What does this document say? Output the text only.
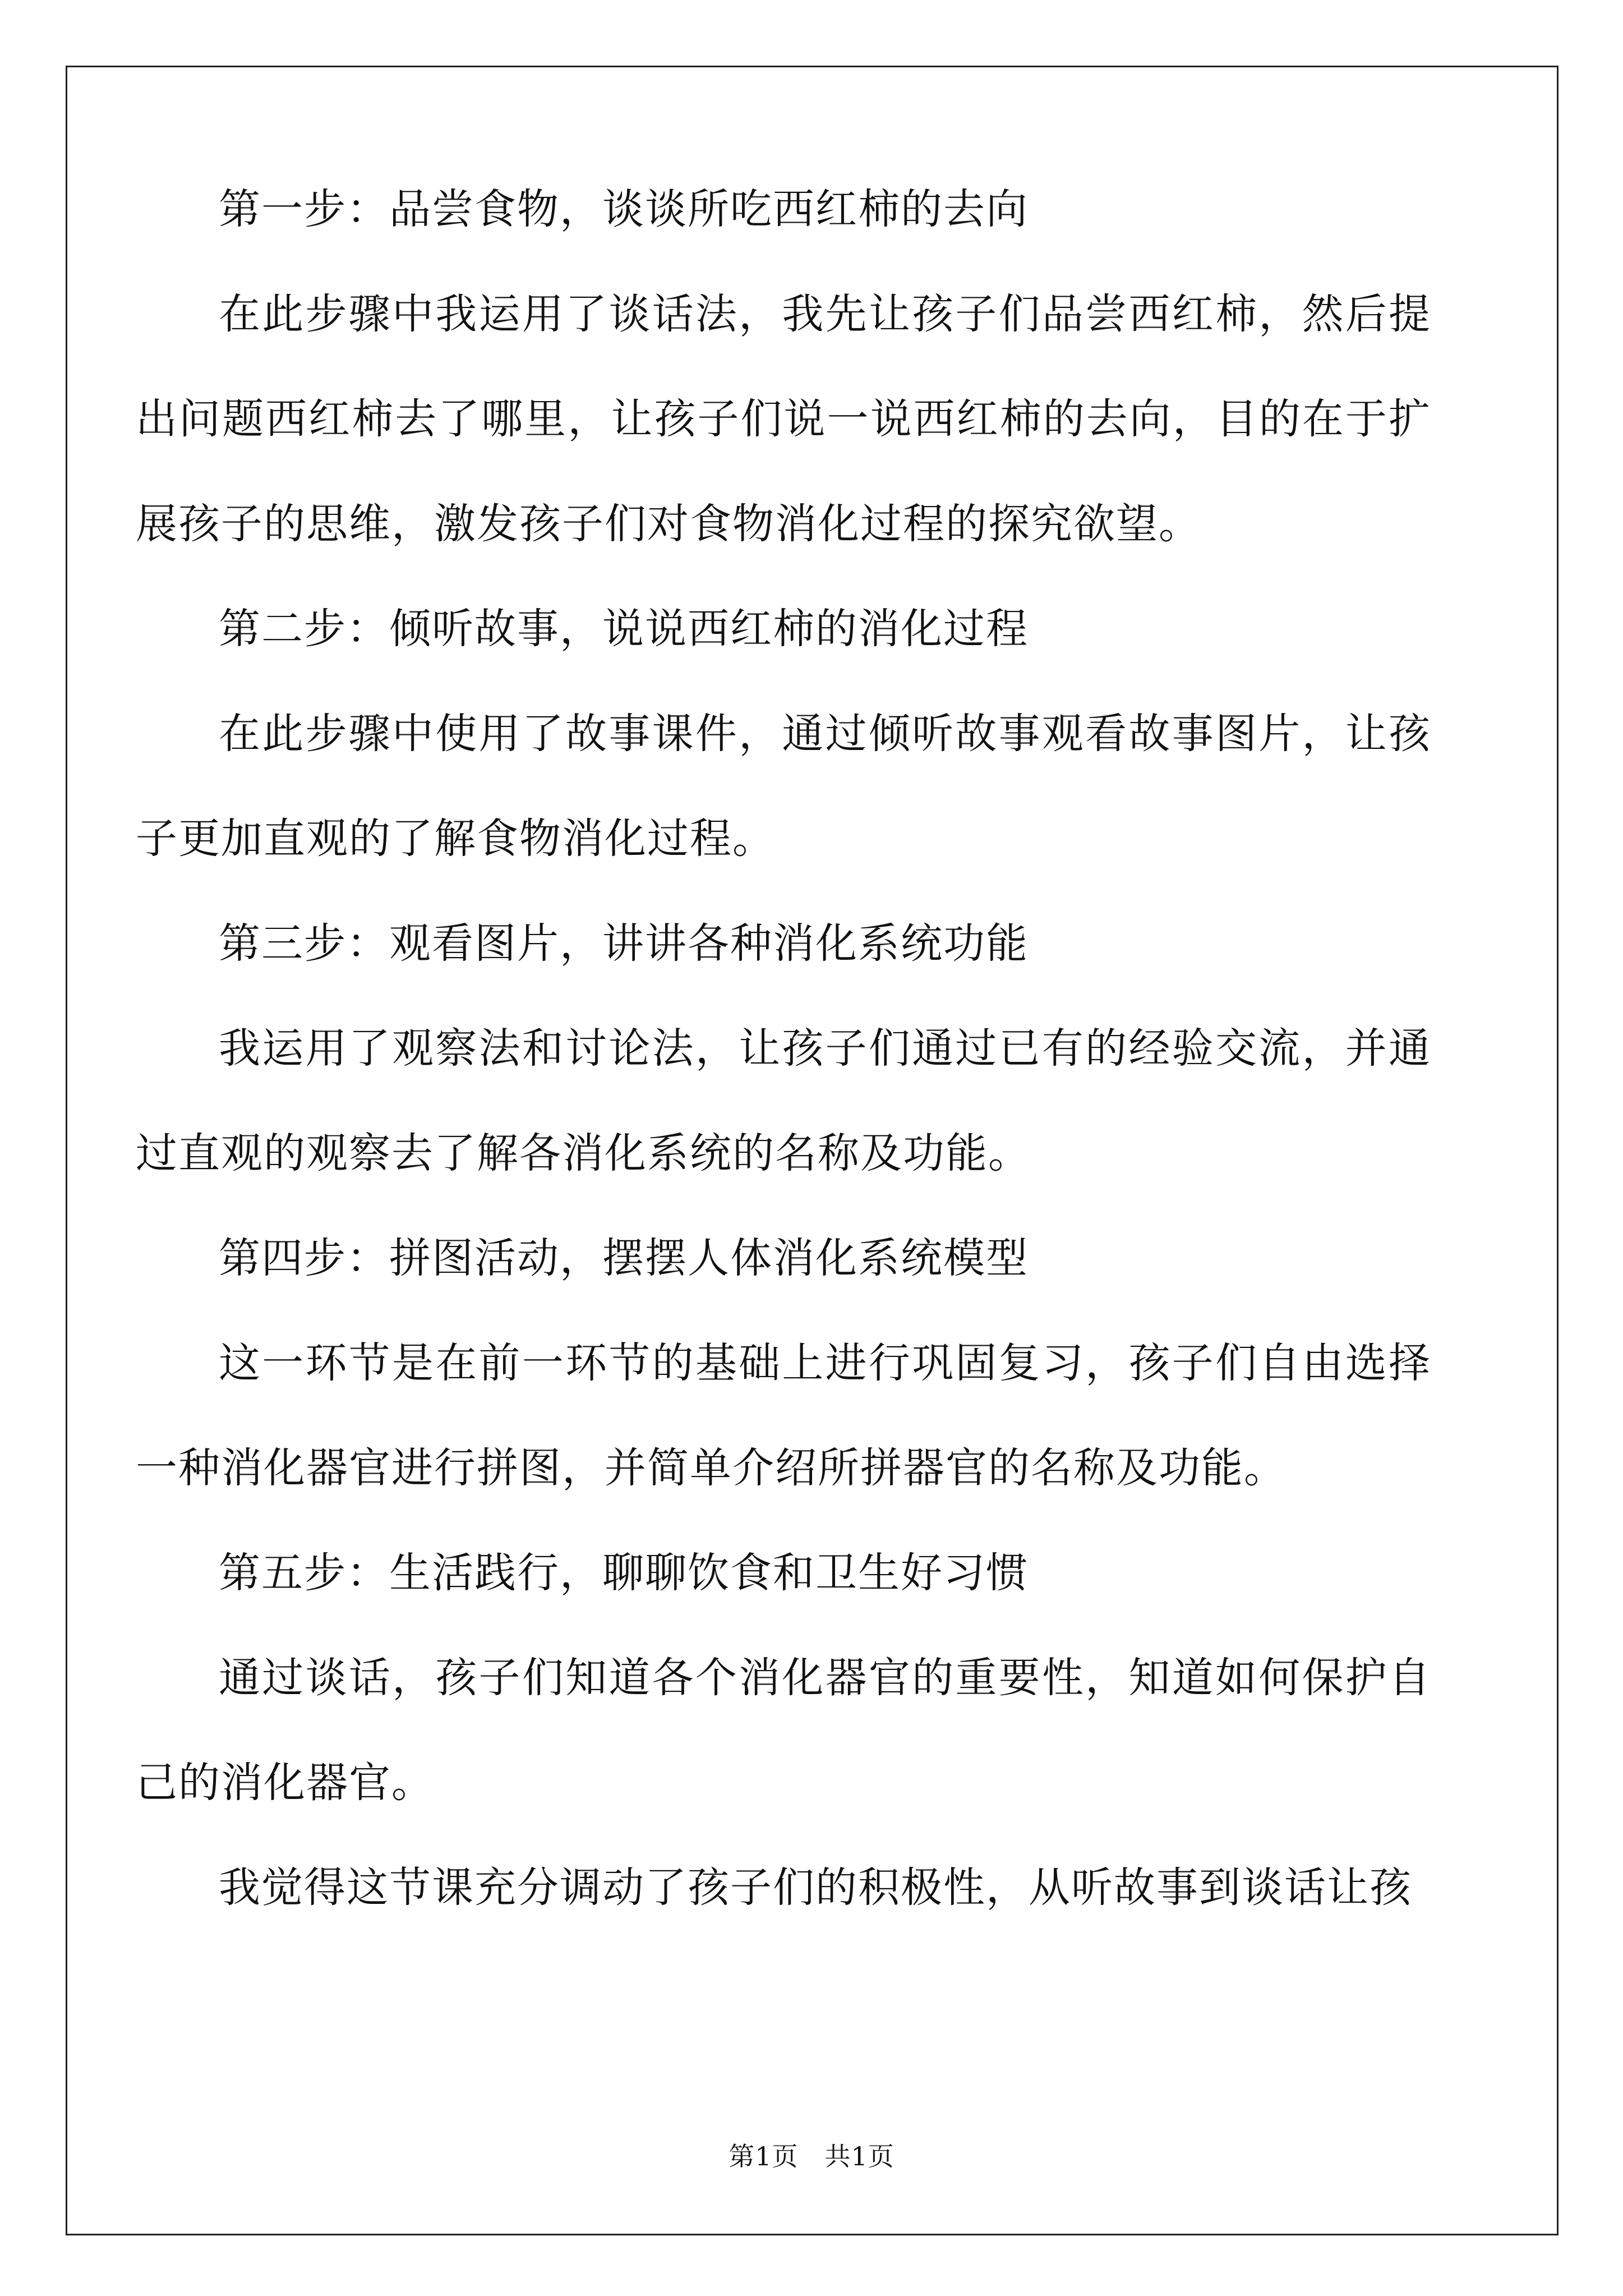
第一步：品尝食物，谈谈所吃西红柿的去向

在此步骤中我运用了谈话法，我先让孩子们品尝西红柿，然后提出问题西红柿去了哪里，让孩子们说一说西红柿的去向，目的在于扩展孩子的思维，激发孩子们对食物消化过程的探究欲望。

第二步：倾听故事，说说西红柿的消化过程

在此步骤中使用了故事课件，通过倾听故事观看故事图片，让孩子更加直观的了解食物消化过程。

第三步：观看图片，讲讲各种消化系统功能

我运用了观察法和讨论法，让孩子们通过已有的经验交流，并通过直观的观察去了解各消化系统的名称及功能。

第四步：拼图活动，摆摆人体消化系统模型

这一环节是在前一环节的基础上进行巩固复习，孩子们自由选择一种消化器官进行拼图，并简单介绍所拼器官的名称及功能。

第五步：生活践行，聊聊饮食和卫生好习惯

通过谈话，孩子们知道各个消化器官的重要性，知道如何保护自己的消化器官。

我觉得这节课充分调动了孩子们的积极性，从听故事到谈话让孩

第1页　共1页
